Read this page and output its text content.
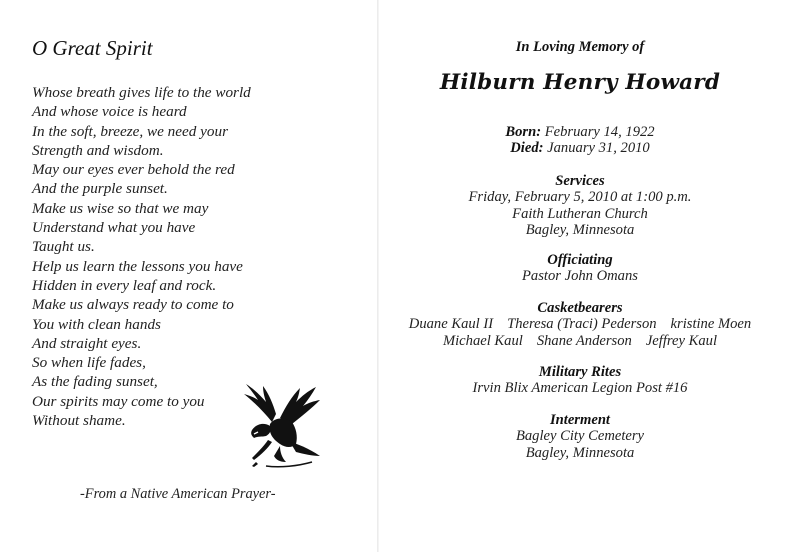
O Great Spirit
Whose breath gives life to the world
And whose voice is heard
In the soft, breeze, we need your
Strength and wisdom.
May our eyes ever behold the red
And the purple sunset.
Make us wise so that we may
Understand what you have
Taught us.
Help us learn the lessons you have
Hidden in every leaf and rock.
Make us always ready to come to
You with clean hands
And straight eyes.
So when life fades,
As the fading sunset,
Our spirits may come to you
Without shame.
-From a Native American Prayer-
In Loving Memory of
Hilburn Henry Howard
Born: February 14, 1922
Died: January 31, 2010
Services
Friday, February 5, 2010 at 1:00 p.m.
Faith Lutheran Church
Bagley, Minnesota
Officiating
Pastor John Omans
Casketbearers
Duane Kaul II Theresa (Traci) Pederson kristine Moen
Michael Kaul Shane Anderson Jeffrey Kaul
Military Rites
Irvin Blix American Legion Post #16
Interment
Bagley City Cemetery
Bagley, Minnesota
